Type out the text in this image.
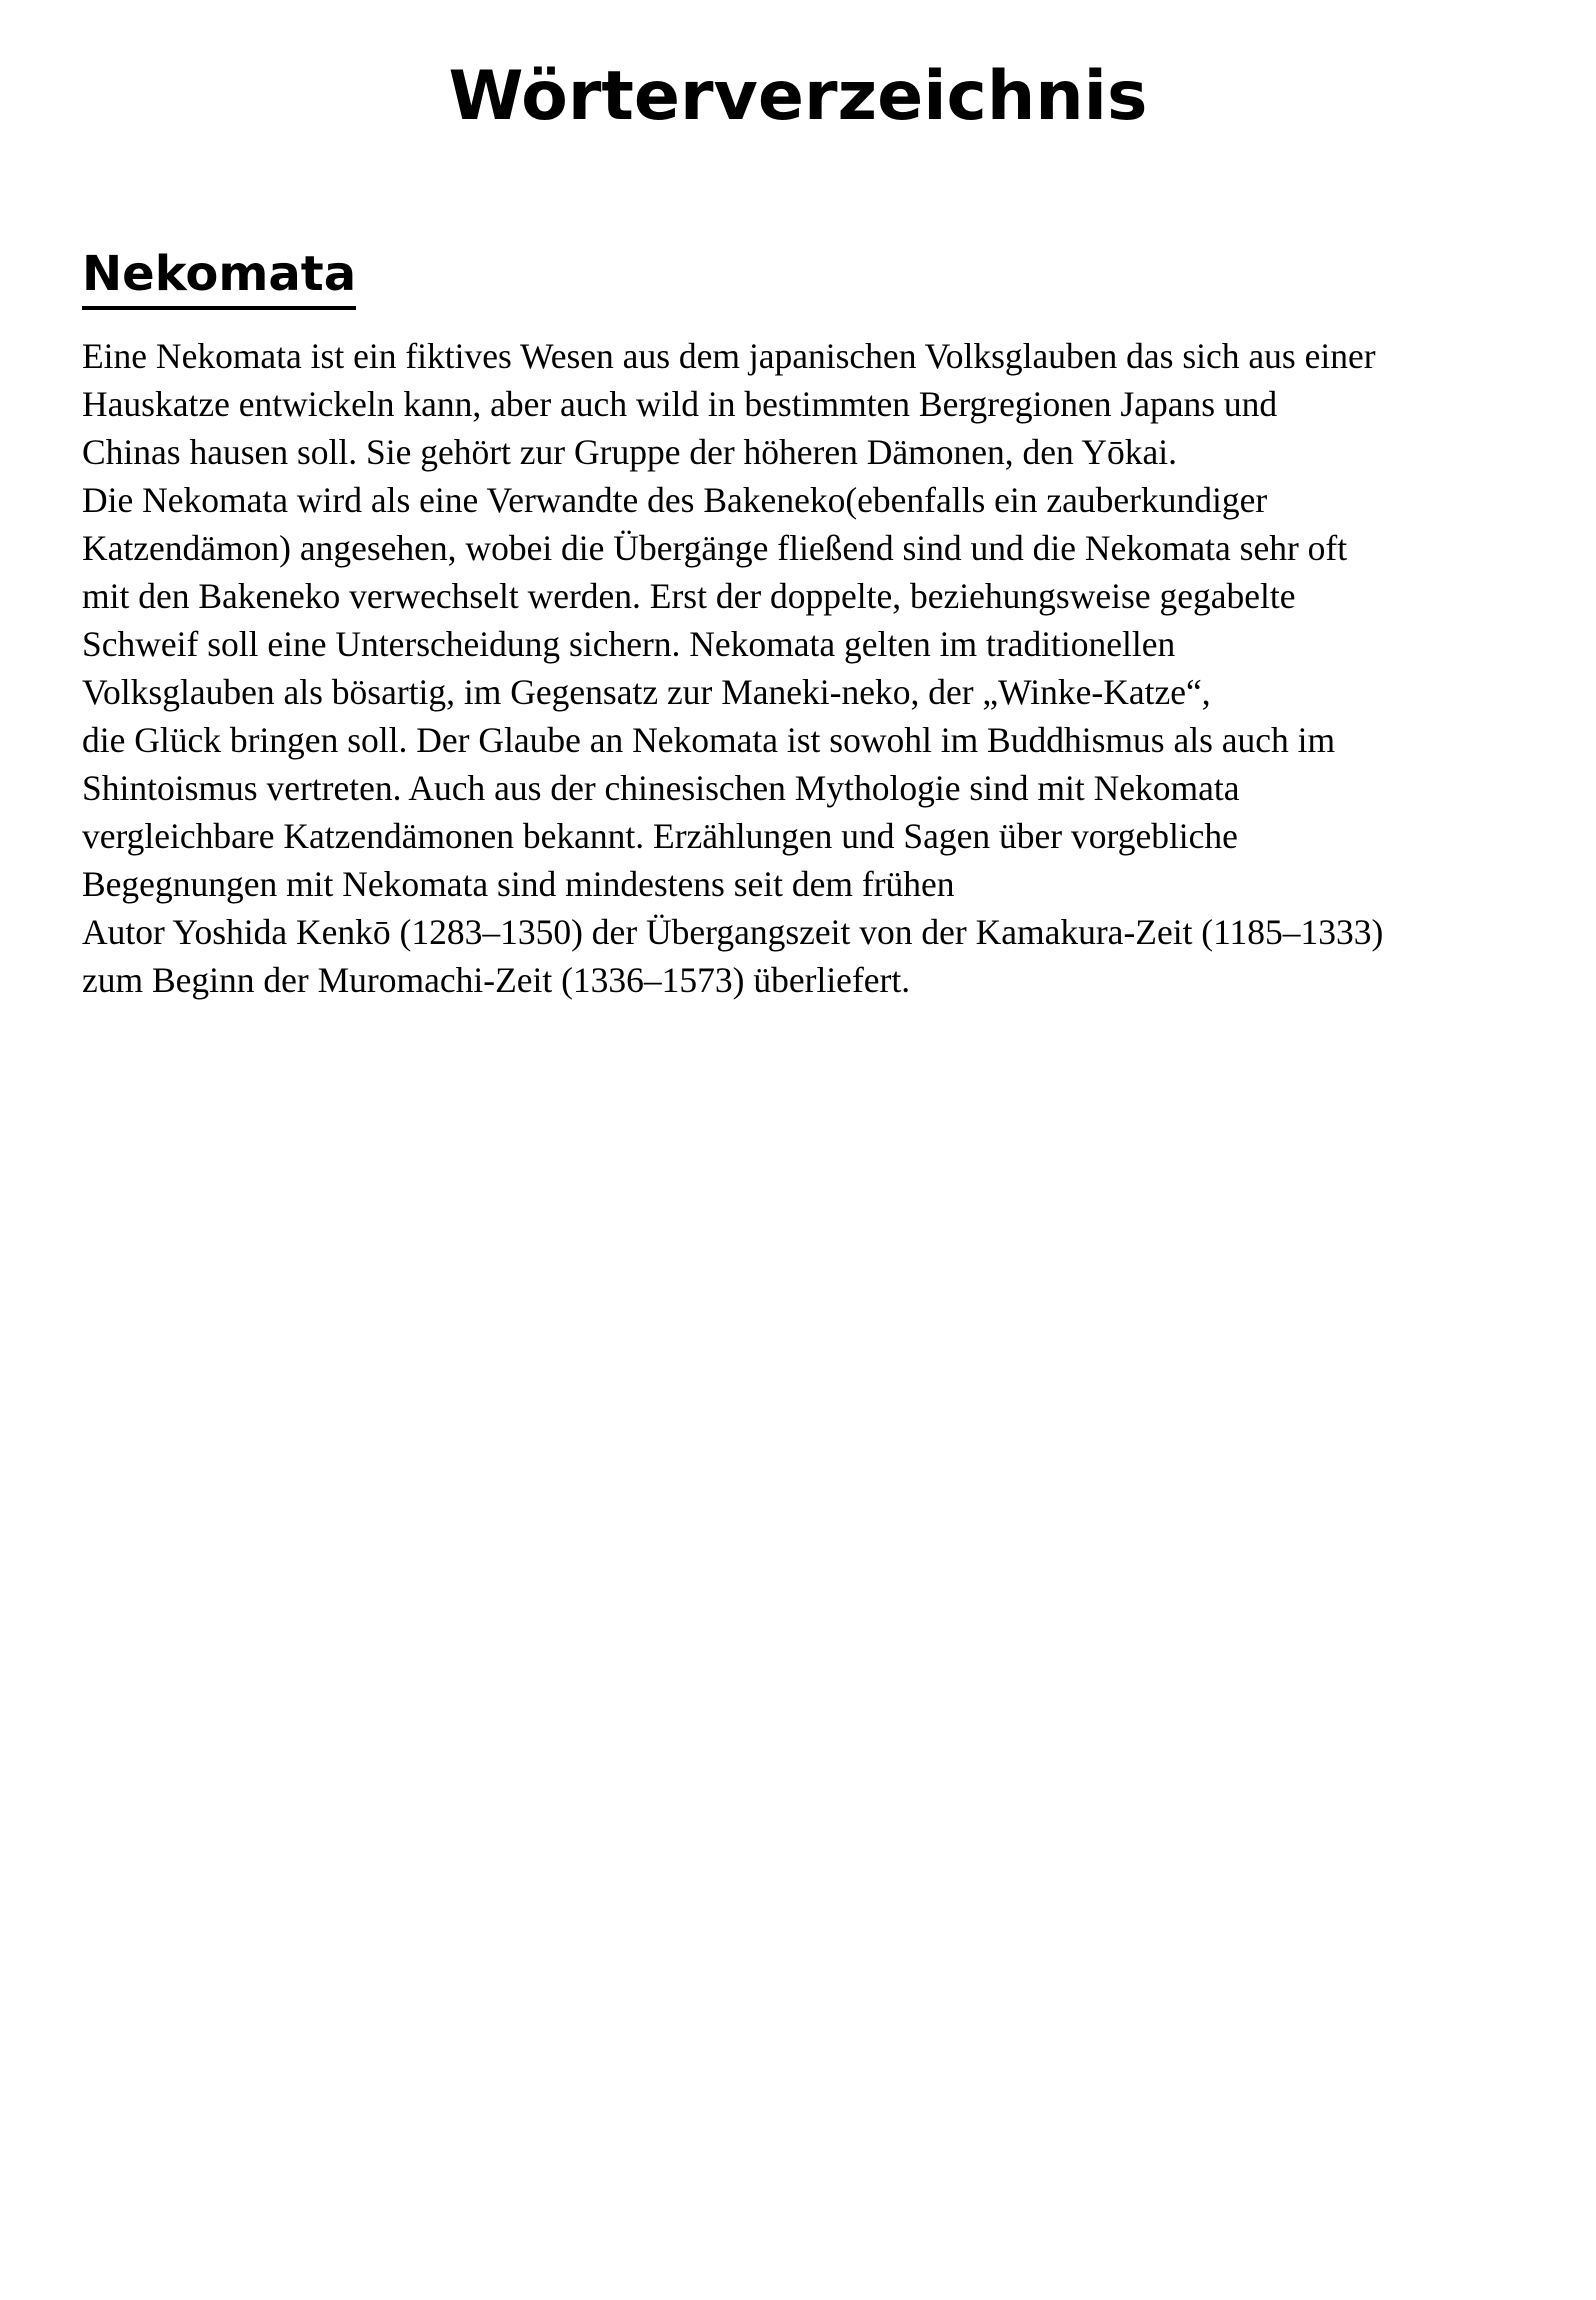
Wörterverzeichnis
Nekomata

Eine Nekomata ist ein fiktives Wesen aus dem japanischen Volksglauben das sich aus einer
Hauskatze entwickeln kann, aber auch wild in bestimmten Bergregionen Japans und
Chinas hausen soll. Sie gehört zur Gruppe der höheren Dämonen, den Yōkai.
Die Nekomata wird als eine Verwandte des Bakeneko(ebenfalls ein zauberkundiger
Katzendämon) angesehen, wobei die Übergänge fließend sind und die Nekomata sehr oft
mit den Bakeneko verwechselt werden. Erst der doppelte, beziehungsweise gegabelte
Schweif soll eine Unterscheidung sichern. Nekomata gelten im traditionellen
Volksglauben als bösartig, im Gegensatz zur Maneki-neko, der „Winke-Katze“,
die Glück bringen soll. Der Glaube an Nekomata ist sowohl im Buddhismus als auch im
Shintoismus vertreten. Auch aus der chinesischen Mythologie sind mit Nekomata
vergleichbare Katzendämonen bekannt. Erzählungen und Sagen über vorgebliche
Begegnungen mit Nekomata sind mindestens seit dem frühen
Autor Yoshida Kenkō (1283–1350) der Übergangszeit von der Kamakura-Zeit (1185–1333)
zum Beginn der Muromachi-Zeit (1336–1573) überliefert.
